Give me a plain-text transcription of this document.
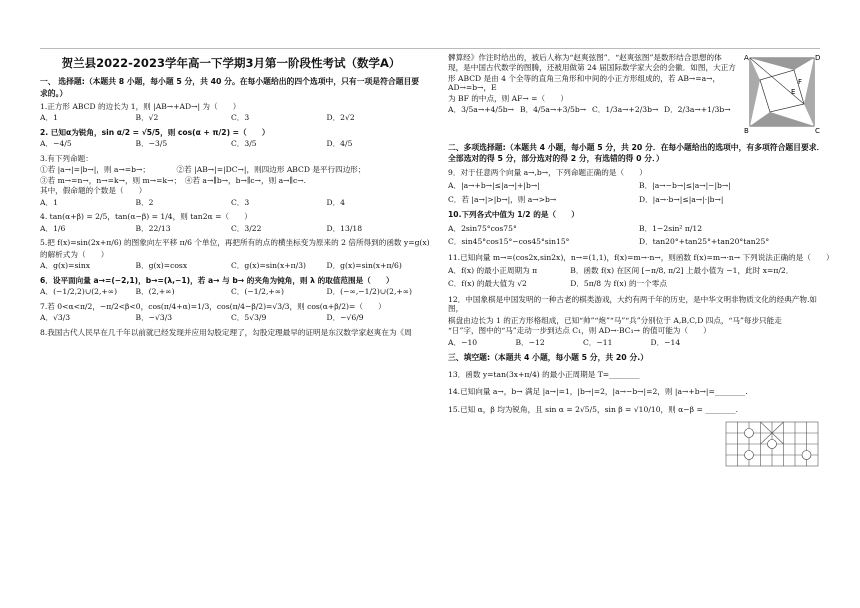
贺兰县2022-2023学年高一下学期3月第一阶段性考试（数学A）
一、 选择题:（本题共 8 小题，每小题 5 分，共 40 分。在每小题给出的四个选项中，只有一项是符合题目要求的。）
1.正方形 ABCD 的边长为 1，则 |AB→+AD→| 为（　　）
A．1	B．√2	C．3	D．2√2
2. 已知α为锐角，sin α/2 = √5/5，则 cos(α + π/2) =（　　）
A．−4/5	B．−3/5	C．3/5	D．4/5
3.有下列命题：
①若 |a→|=|b→|，则 a→=b→；　　　　②若 |AB→|=|DC→|，则四边形 ABCD 是平行四边形；
③若 m→=n→，n→=k→，则 m→=k→；　④若 a→∥b→，b→∥c→，则 a→∥c→.
其中，假命题的个数是（　　）
A．1	B．2	C．3	D．4
4. tan(α+β) = 2/5，tan(α−β) = 1/4，则 tan2α =（　　）
A．1/6	B．22/13	C．3/22	D．13/18
5.把 f(x)=sin(2x+π/6) 的图象向左平移 π/6 个单位，再把所有的点的横坐标变为原来的 2 倍所得到的函数 y=g(x)
的解析式为（　　）
A．g(x)=sinx	B．g(x)=cosx	C．g(x)=sin(x+π/3)	D．g(x)=sin(x+π/6)
6．设平面向量 a→=(−2,1)，b→=(λ,−1)，若 a→ 与 b→ 的夹角为钝角，则 λ 的取值范围是（　　）
A．(−1/2,2)∪(2,+∞)	B．(2,+∞)	C．(−1/2,+∞)	D．(−∞,−1/2)∪(2,+∞)
7.若 0<α<π/2，−π/2<β<0，cos(π/4+α)=1/3，cos(π/4−β/2)=√3/3，则 cos(α+β/2)=（　　）
A．√3/3	B．−√3/3	C．5√3/9	D．−√6/9
8.我国古代人民早在几千年以前就已经发现并应用勾股定理了，勾股定理最早的证明是东汉数学家赵爽在为《周
髀算经》作注时给出的，被后人称为“赵爽弦图”．“赵爽弦图”是数形结合思想的体
现，是中国古代数学的图腾，还被用做第 24 届国际数学家大会的会徽．如图，大正方
形 ABCD 是由 4 个全等的直角三角形和中间的小正方形组成的，若 AB→=a→，AD→=b→，E
为 BF 的中点，则 AF→ =（　　）
A．3/5a→+4/5b→ B．4/5a→+3/5b→ C．1/3a→+2/3b→ D．2/3a→+1/3b→
A
B	C
D
E
F
二、多项选择题:（本题共 4 小题，每小题 5 分，共 20 分．在每小题给出的选项中，有多项符合题目要求．全部选对的得 5 分，部分选对的得 2 分，有选错的得 0 分．）
9．对于任意两个向量 a→,b→，下列命题正确的是（　　）
A．|a→+b→|≤|a→|+|b→|	B．|a→−b→|≤|a→|−|b→|
C．若 |a→|>|b→|，则 a→>b→	D．|a→·b→|≤|a→|·|b→|
10.下列各式中值为 1/2 的是（　　）
A．2sin75°cos75°	B．1−2sin² π/12
C．sin45°cos15°−cos45°sin15°	D．tan20°+tan25°+tan20°tan25°
11.已知向量 m→=(cos2x,sin2x)，n→=(1,1)，f(x)=m→·n→，则函数 f(x)=m→·n→ 下列说法正确的是（　　）
A．f(x) 的最小正周期为 π	B．函数 f(x) 在区间 [−π/8, π/2] 上最小值为 −1，此时 x=π/2．
C．f(x) 的最大值为 √2	D．5π/8 为 f(x) 的一个零点
12．中国象棋是中国发明的一种古老的棋类游戏，大约有两千年的历史，是中华文明非物质文化的经典产物.如图，
棋盘由边长为 1 的正方形格组成，已知“帅”“炮”“马”“兵”分别位于 A,B,C,D 四点，“马”每步只能走
“日”字，图中的“马”走动一步到达点 C₁，则 AD→·BC₁→ 的值可能为（　　）
A．−10	B．−12	C．−11	D．−14
三、填空题:（本题共 4 小题，每小题 5 分，共 20 分.）
13．函数 y=tan(3x+π/4) 的最小正周期是 T=________
14.已知向量 a→，b→ 满足 |a→|=1，|b→|=2，|a→−b→|=2，则 |a→+b→|=________.
15.已知 α，β 均为锐角，且 sin α = 2√5/5，sin β = √10/10，则 α−β = ________.
